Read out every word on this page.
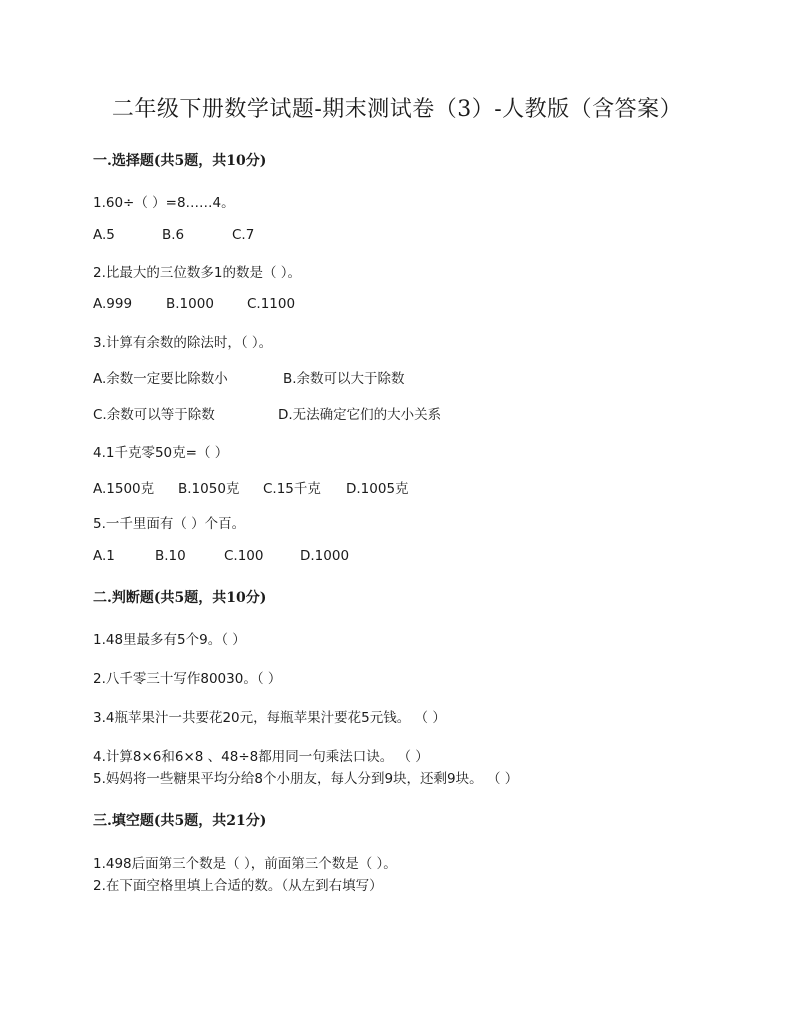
二年级下册数学试题-期末测试卷（3）-人教版（含答案）
一.选择题(共5题，共10分)
1.60÷（ ）=8……4。
A.5	B.6	C.7
2.比最大的三位数多1的数是（ ）。
A.999	B.1000 C.1100
3.计算有余数的除法时，（ ）。
A.余数一定要比除数小	B.余数可以大于除数
C.余数可以等于除数	D.无法确定它们的大小关系
4.1千克零50克=（ ）
A.1500克 B.1050克 C.15千克 D.1005克
5.一千里面有（ ）个百。
A.1	B.10	C.100	D.1000
二.判断题(共5题，共10分)
1.48里最多有5个9。（ ）
2.八千零三十写作80030。（ ）
3.4瓶苹果汁一共要花20元，每瓶苹果汁要花5元钱。 （ ）
4.计算8×6和6×8 、48÷8都用同一句乘法口诀。 （ ）
5.妈妈将一些糖果平均分给8个小朋友，每人分到9块，还剩9块。 （ ）
三.填空题(共5题，共21分)
1.498后面第三个数是（ ），前面第三个数是（ ）。
2.在下面空格里填上合适的数。（从左到右填写）
